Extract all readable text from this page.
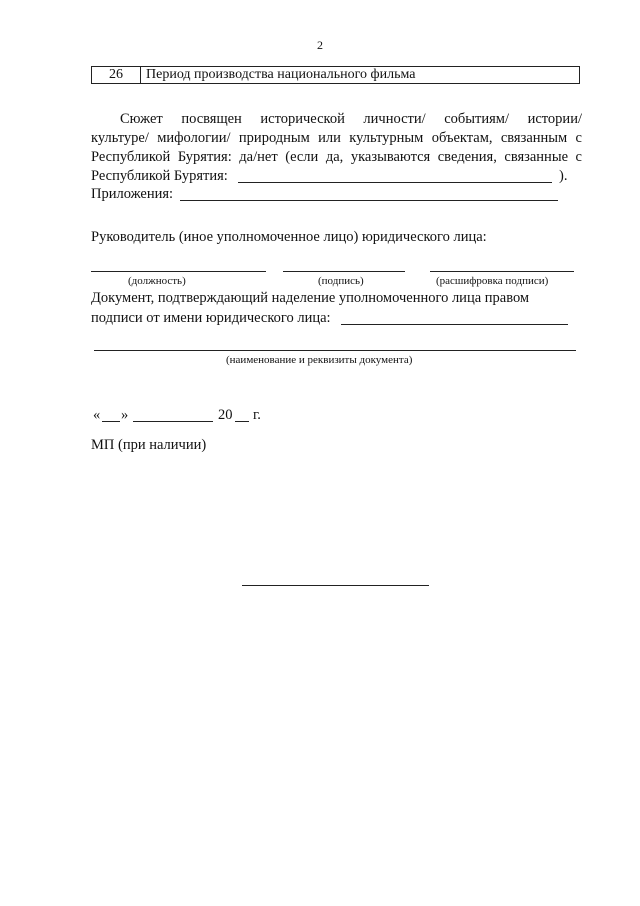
2
26	Период производства национального фильма
Сюжет посвящен исторической личности/ событиям/ истории/
культуре/ мифологии/ природным или культурным объектам, связанным с
Республикой Бурятия: да/нет (если да, указываются сведения, связанные с
Республикой Бурятия:	).
Приложения:
Руководитель (иное уполномоченное лицо) юридического лица:
(должность)	(подпись)	(расшифровка подписи)
Документ, подтверждающий наделение уполномоченного лица правом
подписи от имени юридического лица:
(наименование и реквизиты документа)
« »	20 г.
МП (при наличии)
